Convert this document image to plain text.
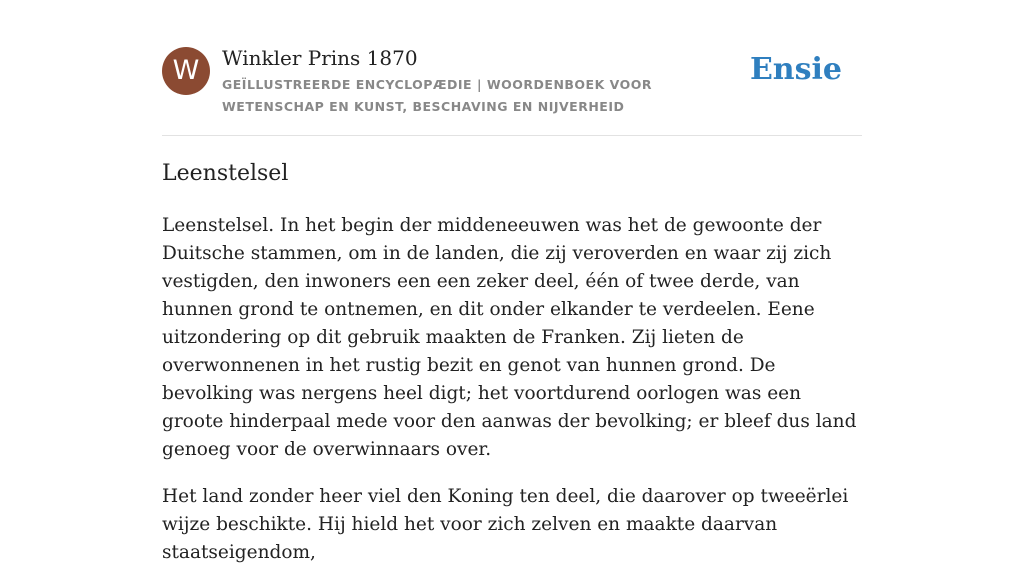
W	Winkler Prins 1870
GEÏLLUSTREERDE ENCYCLOPÆDIE | WOORDENBOEK VOOR WETENSCHAP EN KUNST, BESCHAVING EN NIJVERHEID
Ensie
Leenstelsel

Leenstelsel. In het begin der middeneeuwen was het de gewoonte der Duitsche stammen, om in de landen, die zij veroverden en waar zij zich vestigden, den inwoners een een zeker deel, één of twee derde, van hunnen grond te ontnemen, en dit onder elkander te verdeelen. Eene uitzondering op dit gebruik maakten de Franken. Zij lieten de overwonnenen in het rustig bezit en genot van hunnen grond. De bevolking was nergens heel digt; het voortdurend oorlogen was een groote hinderpaal mede voor den aanwas der bevolking; er bleef dus land genoeg voor de overwinnaars over.

Het land zonder heer viel den Koning ten deel, die daarover op tweeërlei wijze beschikte. Hij hield het voor zich zelven en maakte daarvan staatseigendom,
